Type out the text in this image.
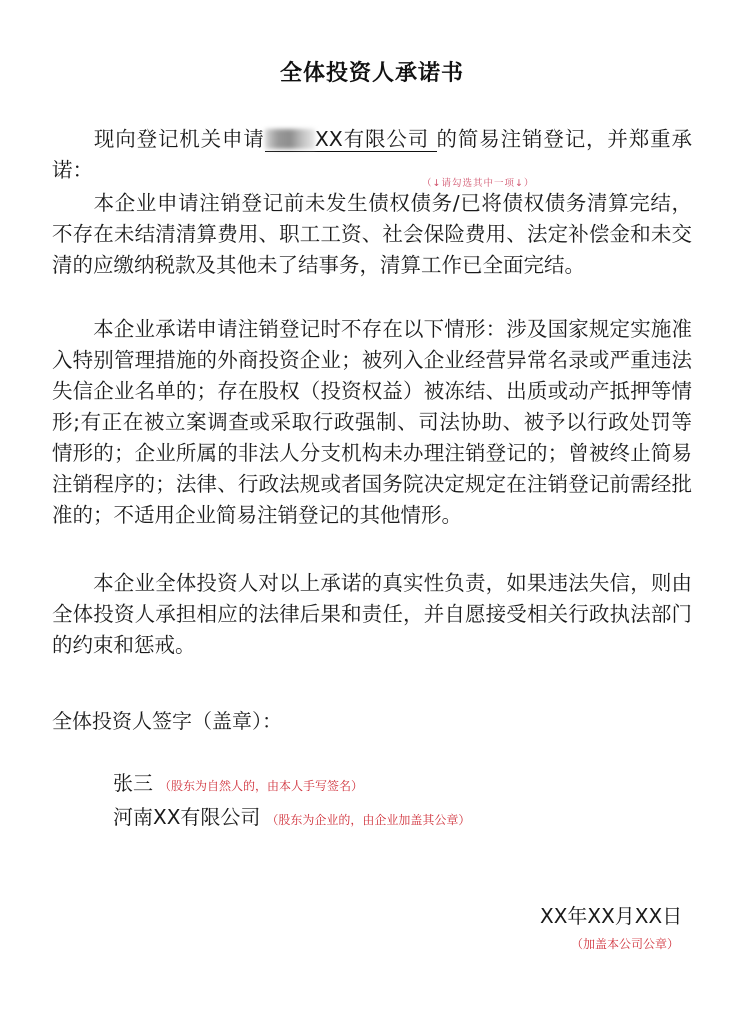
全体投资人承诺书
现向登记机关申请 XX有限公司 的简易注销登记，并郑重承诺：
（↓请勾选其中一项↓）
本企业申请注销登记前未发生债权债务/已将债权债务清算完结，不存在未结清清算费用、职工工资、社会保险费用、法定补偿金和未交清的应缴纳税款及其他未了结事务，清算工作已全面完结。
本企业承诺申请注销登记时不存在以下情形：涉及国家规定实施准入特别管理措施的外商投资企业；被列入企业经营异常名录或严重违法失信企业名单的；存在股权（投资权益）被冻结、出质或动产抵押等情形;有正在被立案调查或采取行政强制、司法协助、被予以行政处罚等情形的；企业所属的非法人分支机构未办理注销登记的；曾被终止简易注销程序的；法律、行政法规或者国务院决定规定在注销登记前需经批准的；不适用企业简易注销登记的其他情形。
本企业全体投资人对以上承诺的真实性负责，如果违法失信，则由全体投资人承担相应的法律后果和责任，并自愿接受相关行政执法部门的约束和惩戒。
全体投资人签字（盖章）：
张三 （股东为自然人的，由本人手写签名）
河南XX有限公司 （股东为企业的，由企业加盖其公章）
XX年XX月XX日
（加盖本公司公章）
